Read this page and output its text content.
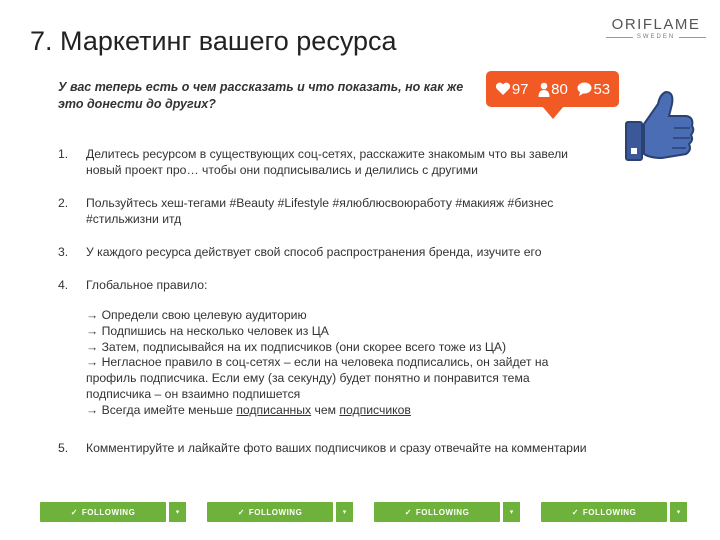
7. Маркетинг вашего ресурса
ORIFLAME
SWEDEN
У вас теперь есть о чем рассказать и что показать, но как же это донести до других?
97 80 53
1. Делитесь ресурсом в существующих соц-сетях, расскажите знакомым что вы завели новый проект про… чтобы они подписывались и делились с другими
2. Пользуйтесь хеш-тегами #Beauty #Lifestyle #ялюблюсвоюработу #макияж #бизнес #стильжизни итд
3. У каждого ресурса действует свой способ распространения бренда, изучите его
4. Глобальное правило:
→ Определи свою целевую аудиторию
→ Подпишись на несколько человек из ЦА
→ Затем, подписывайся на их подписчиков (они скорее всего тоже из ЦА)
→ Негласное правило в соц-сетях – если на человека подписались, он зайдет на профиль подписчика. Если ему (за секунду) будет понятно и понравится тема подписчика – он взаимно подпишется
→ Всегда имейте меньше подписанных чем подписчиков
5. Комментируйте и лайкайте фото ваших подписчиков и сразу отвечайте на комментарии
✓ FOLLOWING	▾	✓ FOLLOWING	▾	✓ FOLLOWING	▾	✓ FOLLOWING	▾
